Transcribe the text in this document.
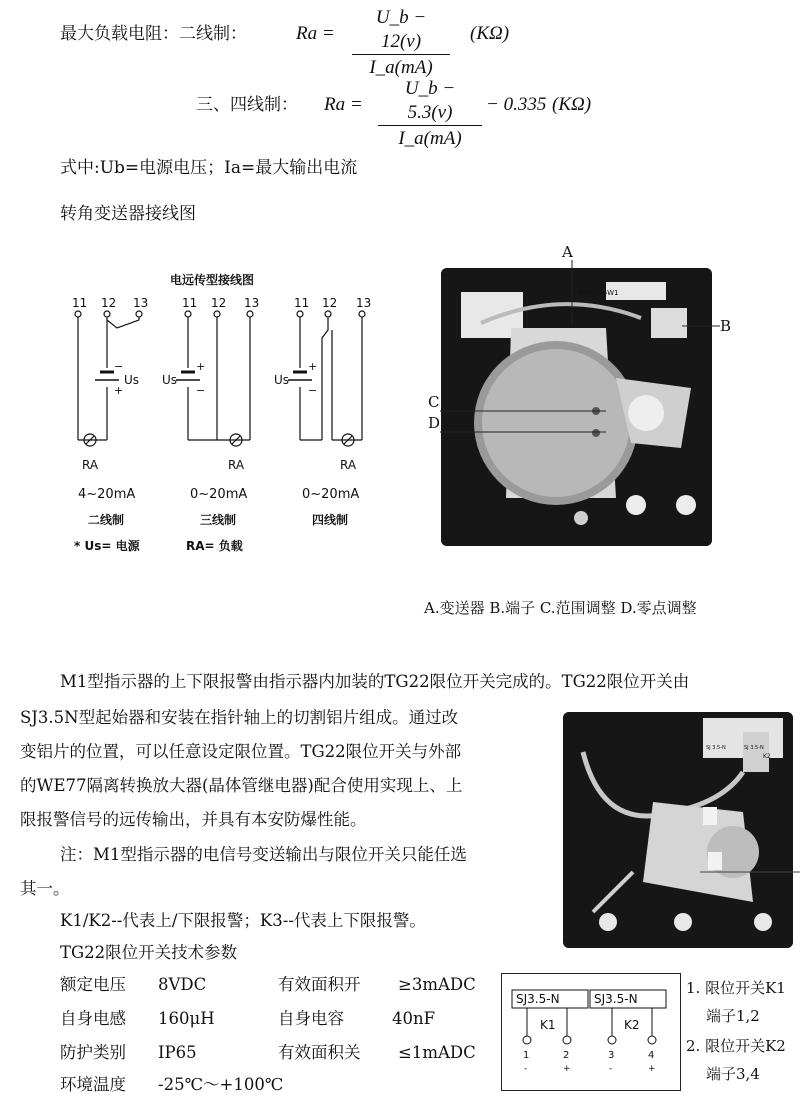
最大负载电阻：二线制：	$Ra = \frac{U\_b - 12(v)}{I\_a(mA)} (K\Omega)$
三、四线制： $Ra = \frac{U\_b - 5.3(v)}{I\_a(mA)} - 0.335$ (KΩ)
式中:Ub=电源电压；Ia=最大输出电流
转角变送器接线图
电远传型接线图
−
+
+
−
+
−
11 12 13	11 12 13	11 12 13
Us Us	Us
RA	RA	RA
4~20mA	0~20mA	0~20mA
二线制	三线制	四线制
* Us= 电源	RA= 负载
KINAX 5W1
A
B
C
D
A.变送器 B.端子 C.范围调整 D.零点调整
M1型指示器的上下限报警由指示器内加装的TG22限位开关完成的。TG22限位开关由
SJ3.5N型起始器和安装在指针轴上的切割铝片组成。通过改
变铝片的位置，可以任意设定限位置。TG22限位开关与外部
的WE77隔离转换放大器(晶体管继电器)配合使用实现上、上
限报警信号的远传输出，并具有本安防爆性能。
注：M1型指示器的电信号变送输出与限位开关只能任选
其一。
K1/K2--代表上/下限报警；K3--代表上下限报警。
TG22限位开关技术参数
额定电压 8VDC	有效面积开 ≥3mADC
自身电感 160μH	自身电容	40nF
防护类别 IP65	有效面积关 ≤1mADC
环境温度 -25℃～+100℃
SJ 3.5-N	SJ 3.5-N
K2
SJ3.5-N	SJ3.5-N
K1	K2
1	2	3	4
-	+	-	+
1. 限位开关K1
端子1,2
2. 限位开关K2
端子3,4
